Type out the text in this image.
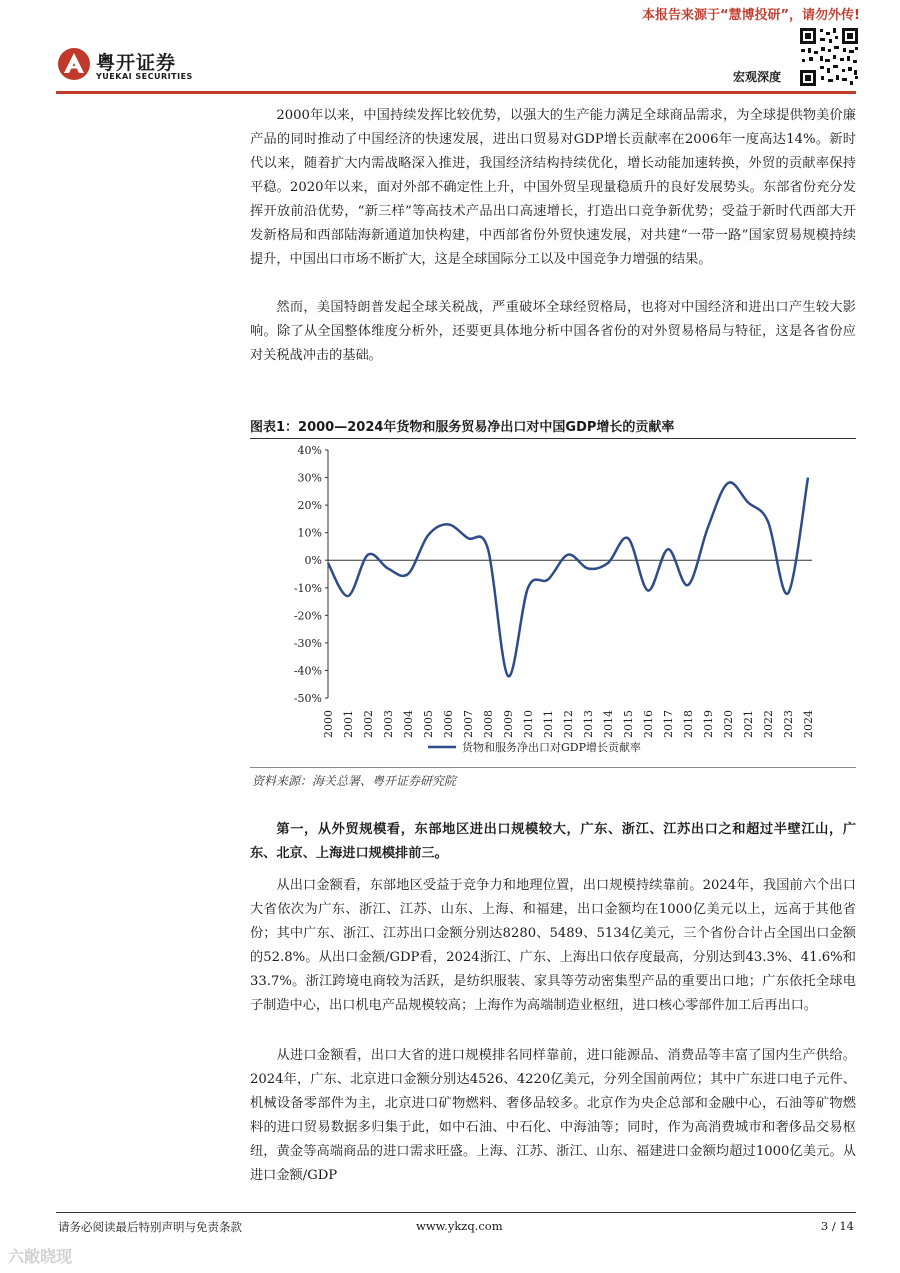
本报告来源于“慧博投研”，请勿外传!
粤开证券
YUEKAI SECURITIES	宏观深度

2000年以来，中国持续发挥比较优势，以强大的生产能力满足全球商品需求，为全球提供物美价廉产品的同时推动了中国经济的快速发展，进出口贸易对GDP增长贡献率在2006年一度高达14%。新时代以来，随着扩大内需战略深入推进，我国经济结构持续优化，增长动能加速转换，外贸的贡献率保持平稳。2020年以来，面对外部不确定性上升，中国外贸呈现量稳质升的良好发展势头。东部省份充分发挥开放前沿优势，“新三样”等高技术产品出口高速增长，打造出口竞争新优势；受益于新时代西部大开发新格局和西部陆海新通道加快构建，中西部省份外贸快速发展，对共建“一带一路”国家贸易规模持续提升，中国出口市场不断扩大，这是全球国际分工以及中国竞争力增强的结果。

然而，美国特朗普发起全球关税战，严重破坏全球经贸格局，也将对中国经济和进出口产生较大影响。除了从全国整体维度分析外，还要更具体地分析中国各省份的对外贸易格局与特征，这是各省份应对关税战冲击的基础。

图表1：2000—2024年货物和服务贸易净出口对中国GDP增长的贡献率

40%
30%
20%
10%
0%
-10%
-20%
-30%
-40%
-50%
2000 2001 2002 2003 2004 2005 2006 2007 2008 2009 2010 2011 2012 2013 2014 2015 2016 2017 2018 2019 2020 2021 2022 2023 2024
货物和服务净出口对GDP增长贡献率

资料来源：海关总署、粤开证券研究院

第一，从外贸规模看，东部地区进出口规模较大，广东、浙江、江苏出口之和超过半壁江山，广东、北京、上海进口规模排前三。

从出口金额看，东部地区受益于竞争力和地理位置，出口规模持续靠前。2024年，我国前六个出口大省依次为广东、浙江、江苏、山东、上海、和福建，出口金额均在1000亿美元以上，远高于其他省份；其中广东、浙江、江苏出口金额分别达8280、5489、5134亿美元，三个省份合计占全国出口金额的52.8%。从出口金额/GDP看，2024浙江、广东、上海出口依存度最高，分别达到43.3%、41.6%和33.7%。浙江跨境电商较为活跃，是纺织服装、家具等劳动密集型产品的重要出口地；广东依托全球电子制造中心，出口机电产品规模较高；上海作为高端制造业枢纽，进口核心零部件加工后再出口。

从进口金额看，出口大省的进口规模排名同样靠前，进口能源品、消费品等丰富了国内生产供给。2024年，广东、北京进口金额分别达4526、4220亿美元，分列全国前两位；其中广东进口电子元件、机械设备零部件为主，北京进口矿物燃料、奢侈品较多。北京作为央企总部和金融中心，石油等矿物燃料的进口贸易数据多归集于此，如中石油、中石化、中海油等；同时，作为高消费城市和奢侈品交易枢纽，黄金等高端商品的进口需求旺盛。上海、江苏、浙江、山东、福建进口金额均超过1000亿美元。从进口金额/GDP

请务必阅读最后特别声明与免责条款	www.ykzq.com	3 / 14
六敞晓现
